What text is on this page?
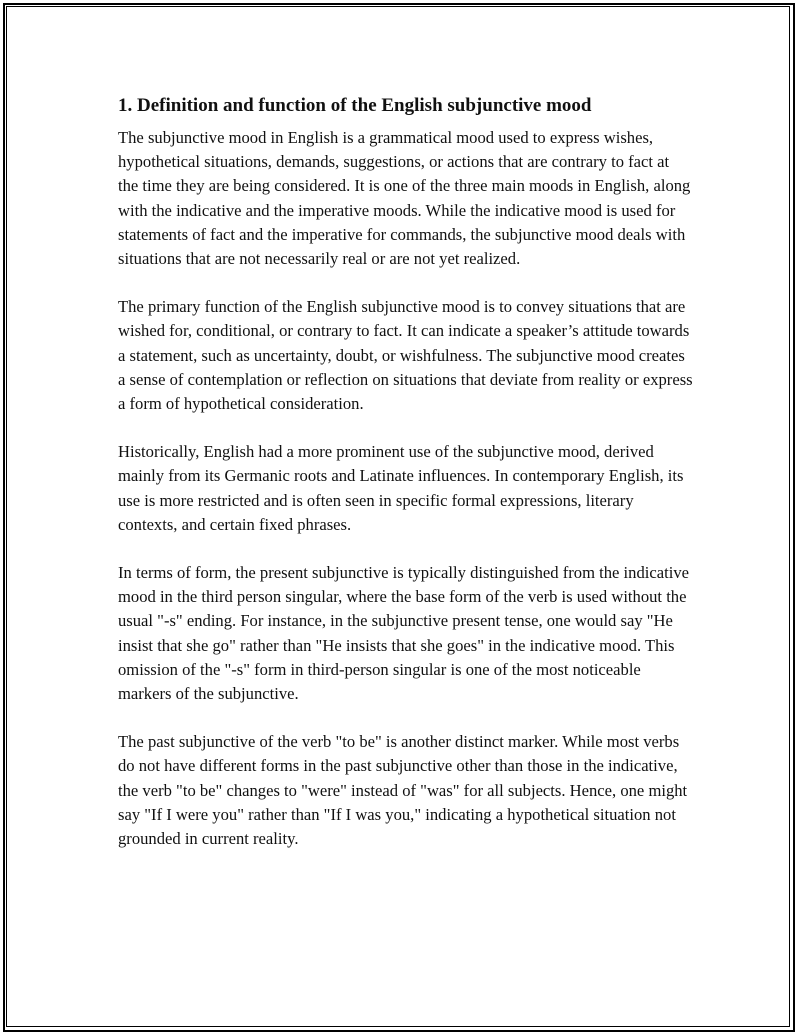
1. Definition and function of the English subjunctive mood

The subjunctive mood in English is a grammatical mood used to express wishes, hypothetical situations, demands, suggestions, or actions that are contrary to fact at the time they are being considered. It is one of the three main moods in English, along with the indicative and the imperative moods. While the indicative mood is used for statements of fact and the imperative for commands, the subjunctive mood deals with situations that are not necessarily real or are not yet realized.

The primary function of the English subjunctive mood is to convey situations that are wished for, conditional, or contrary to fact. It can indicate a speaker’s attitude towards a statement, such as uncertainty, doubt, or wishfulness. The subjunctive mood creates a sense of contemplation or reflection on situations that deviate from reality or express a form of hypothetical consideration.

Historically, English had a more prominent use of the subjunctive mood, derived mainly from its Germanic roots and Latinate influences. In contemporary English, its use is more restricted and is often seen in specific formal expressions, literary contexts, and certain fixed phrases.

In terms of form, the present subjunctive is typically distinguished from the indicative mood in the third person singular, where the base form of the verb is used without the usual "-s" ending. For instance, in the subjunctive present tense, one would say "He insist that she go" rather than "He insists that she goes" in the indicative mood. This omission of the "-s" form in third-person singular is one of the most noticeable markers of the subjunctive.

The past subjunctive of the verb "to be" is another distinct marker. While most verbs do not have different forms in the past subjunctive other than those in the indicative, the verb "to be" changes to "were" instead of "was" for all subjects. Hence, one might say "If I were you" rather than "If I was you," indicating a hypothetical situation not grounded in current reality.
